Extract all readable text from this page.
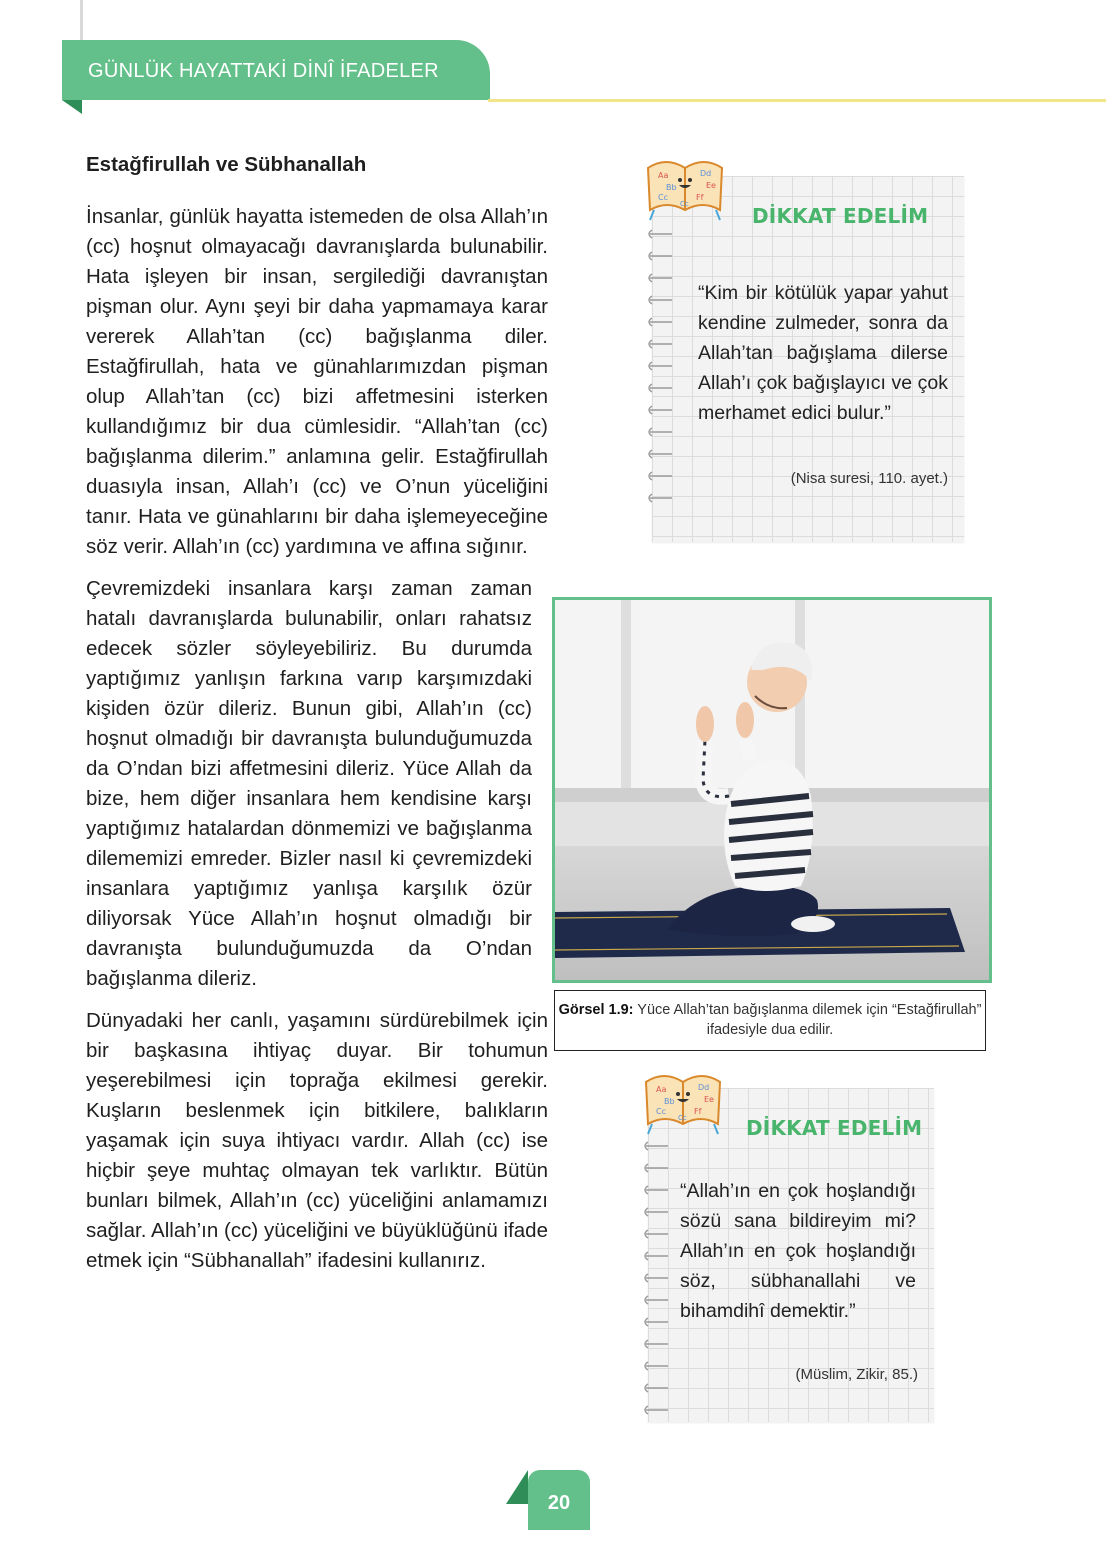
GÜNLÜK HAYATTAKİ DİNÎ İFADELER
Estağfirullah ve Sübhanallah

İnsanlar, günlük hayatta istemeden de olsa Allah’ın (cc) hoşnut olmayacağı davranışlarda bulunabilir. Hata işleyen bir insan, sergilediği davranıştan pişman olur. Aynı şeyi bir daha yapmamaya karar vererek Allah’tan (cc) bağışlanma diler. Estağfirullah, hata ve günahlarımızdan pişman olup Allah’tan (cc) bizi affetmesini isterken kullandığımız bir dua cümlesidir. “Allah’tan (cc) bağışlanma dilerim.” anlamına gelir. Estağfirullah duasıyla insan, Allah’ı (cc) ve O’nun yüceliğini tanır. Hata ve günahlarını bir daha işlemeyeceğine söz verir. Allah’ın (cc) yardımına ve affına sığınır.

Çevremizdeki insanlara karşı zaman zaman hatalı davranışlarda bulunabilir, onları rahatsız edecek sözler söyleyebiliriz. Bu durumda yaptığımız yanlışın farkına varıp karşımızdaki kişiden özür dileriz. Bunun gibi, Allah’ın (cc) hoşnut olmadığı bir davranışta bulunduğumuzda da O’ndan bizi affetmesini dileriz. Yüce Allah da bize, hem diğer insanlara hem kendisine karşı yaptığımız hatalardan dönmemizi ve bağışlanma dilememizi emreder. Bizler nasıl ki çevremizdeki insanlara yaptığımız yanlışa karşılık özür diliyorsak Yüce Allah’ın hoşnut olmadığı bir davranışta bulunduğumuzda da O’ndan bağışlanma dileriz.

Dünyadaki her canlı, yaşamını sürdürebilmek için bir başkasına ihtiyaç duyar. Bir tohumun yeşerebilmesi için toprağa ekilmesi gerekir. Kuşların beslenmek için bitkilere, balıkların yaşamak için suya ihtiyacı vardır. Allah (cc) ise hiçbir şeye muhtaç olmayan tek varlıktır. Bütün bunları bilmek, Allah’ın (cc) yüceliğini anlamamızı sağlar. Allah’ın (cc) yüceliğini ve büyüklüğünü ifade etmek için “Sübhanallah” ifadesini kullanırız.

Aa	Dd
Bb	Ee
Cc	Ff
Cc	DİKKAT EDELİM
“Kim bir kötülük yapar yahut kendine zulmeder, sonra da Allah’tan bağışlama dilerse Allah’ı çok bağışlayıcı ve çok merhamet edici bulur.”
(Nisa suresi, 110. ayet.)
Görsel 1.9: Yüce Allah’tan bağışlanma dilemek için “Estağfirullah” ifadesiyle dua edilir.
Aa	Dd
Bb	Ee
Cc	Ff
Cc	DİKKAT EDELİM
“Allah’ın en çok hoşlandığı sözü sana bildireyim mi? Allah’ın en çok hoşlandığı söz, sübhanallahi ve bihamdihî demektir.”
(Müslim, Zikir, 85.)
20
